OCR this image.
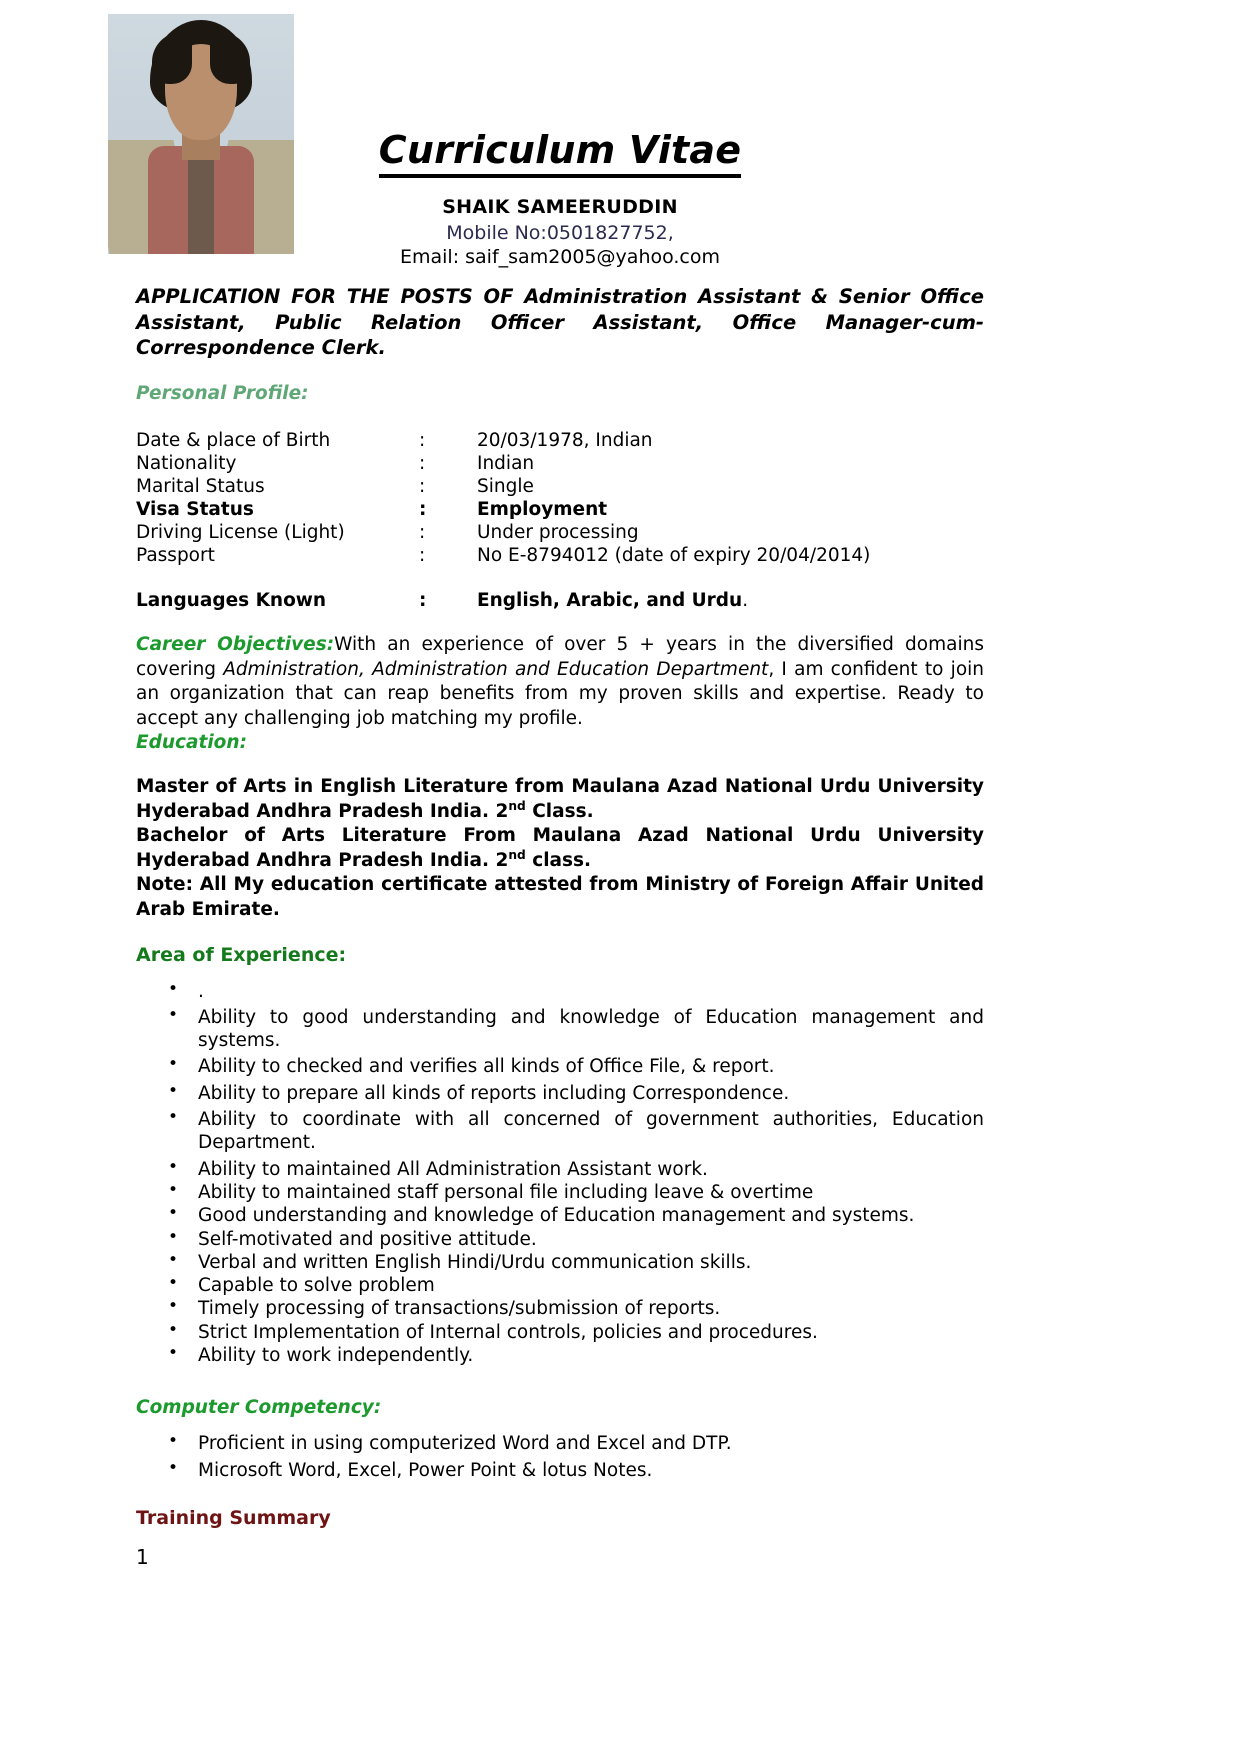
Curriculum Vitae
SHAIK SAMEERUDDIN
Mobile No:0501827752,
Email: saif_sam2005@yahoo.com
APPLICATION FOR THE POSTS OF Administration Assistant & Senior Office Assistant, Public Relation Officer Assistant, Office Manager-cum-Correspondence Clerk.
Personal Profile:
Date & place of Birth	:	20/03/1978, Indian
Nationality	:	Indian
Marital Status	:	Single
Visa Status	:	Employment
Driving License (Light)	:	Under processing
Passport	:	No E-8794012 (date of expiry 20/04/2014)
Languages Known	:	English, Arabic, and Urdu.
Career Objectives:With an experience of over 5 + years in the diversified domains covering Administration, Administration and Education Department, I am confident to join an organization that can reap benefits from my proven skills and expertise. Ready to accept any challenging job matching my profile.
Education:
Master of Arts in English Literature from Maulana Azad National Urdu University Hyderabad Andhra Pradesh India. 2nd Class.
Bachelor of Arts Literature From Maulana Azad National Urdu University Hyderabad Andhra Pradesh India. 2nd class.
Note: All My education certificate attested from Ministry of Foreign Affair United Arab Emirate.
Area of Experience:
• .
• Ability to good understanding and knowledge of Education management and systems.
• Ability to checked and verifies all kinds of Office File, & report.
• Ability to prepare all kinds of reports including Correspondence.
• Ability to coordinate with all concerned of government authorities, Education Department.
• Ability to maintained All Administration Assistant work.
• Ability to maintained staff personal file including leave & overtime
• Good understanding and knowledge of Education management and systems.
• Self-motivated and positive attitude.
• Verbal and written English Hindi/Urdu communication skills.
• Capable to solve problem
• Timely processing of transactions/submission of reports.
• Strict Implementation of Internal controls, policies and procedures.
• Ability to work independently.
Computer Competency:
• Proficient in using computerized Word and Excel and DTP.
• Microsoft Word, Excel, Power Point & lotus Notes.
Training Summary
1
